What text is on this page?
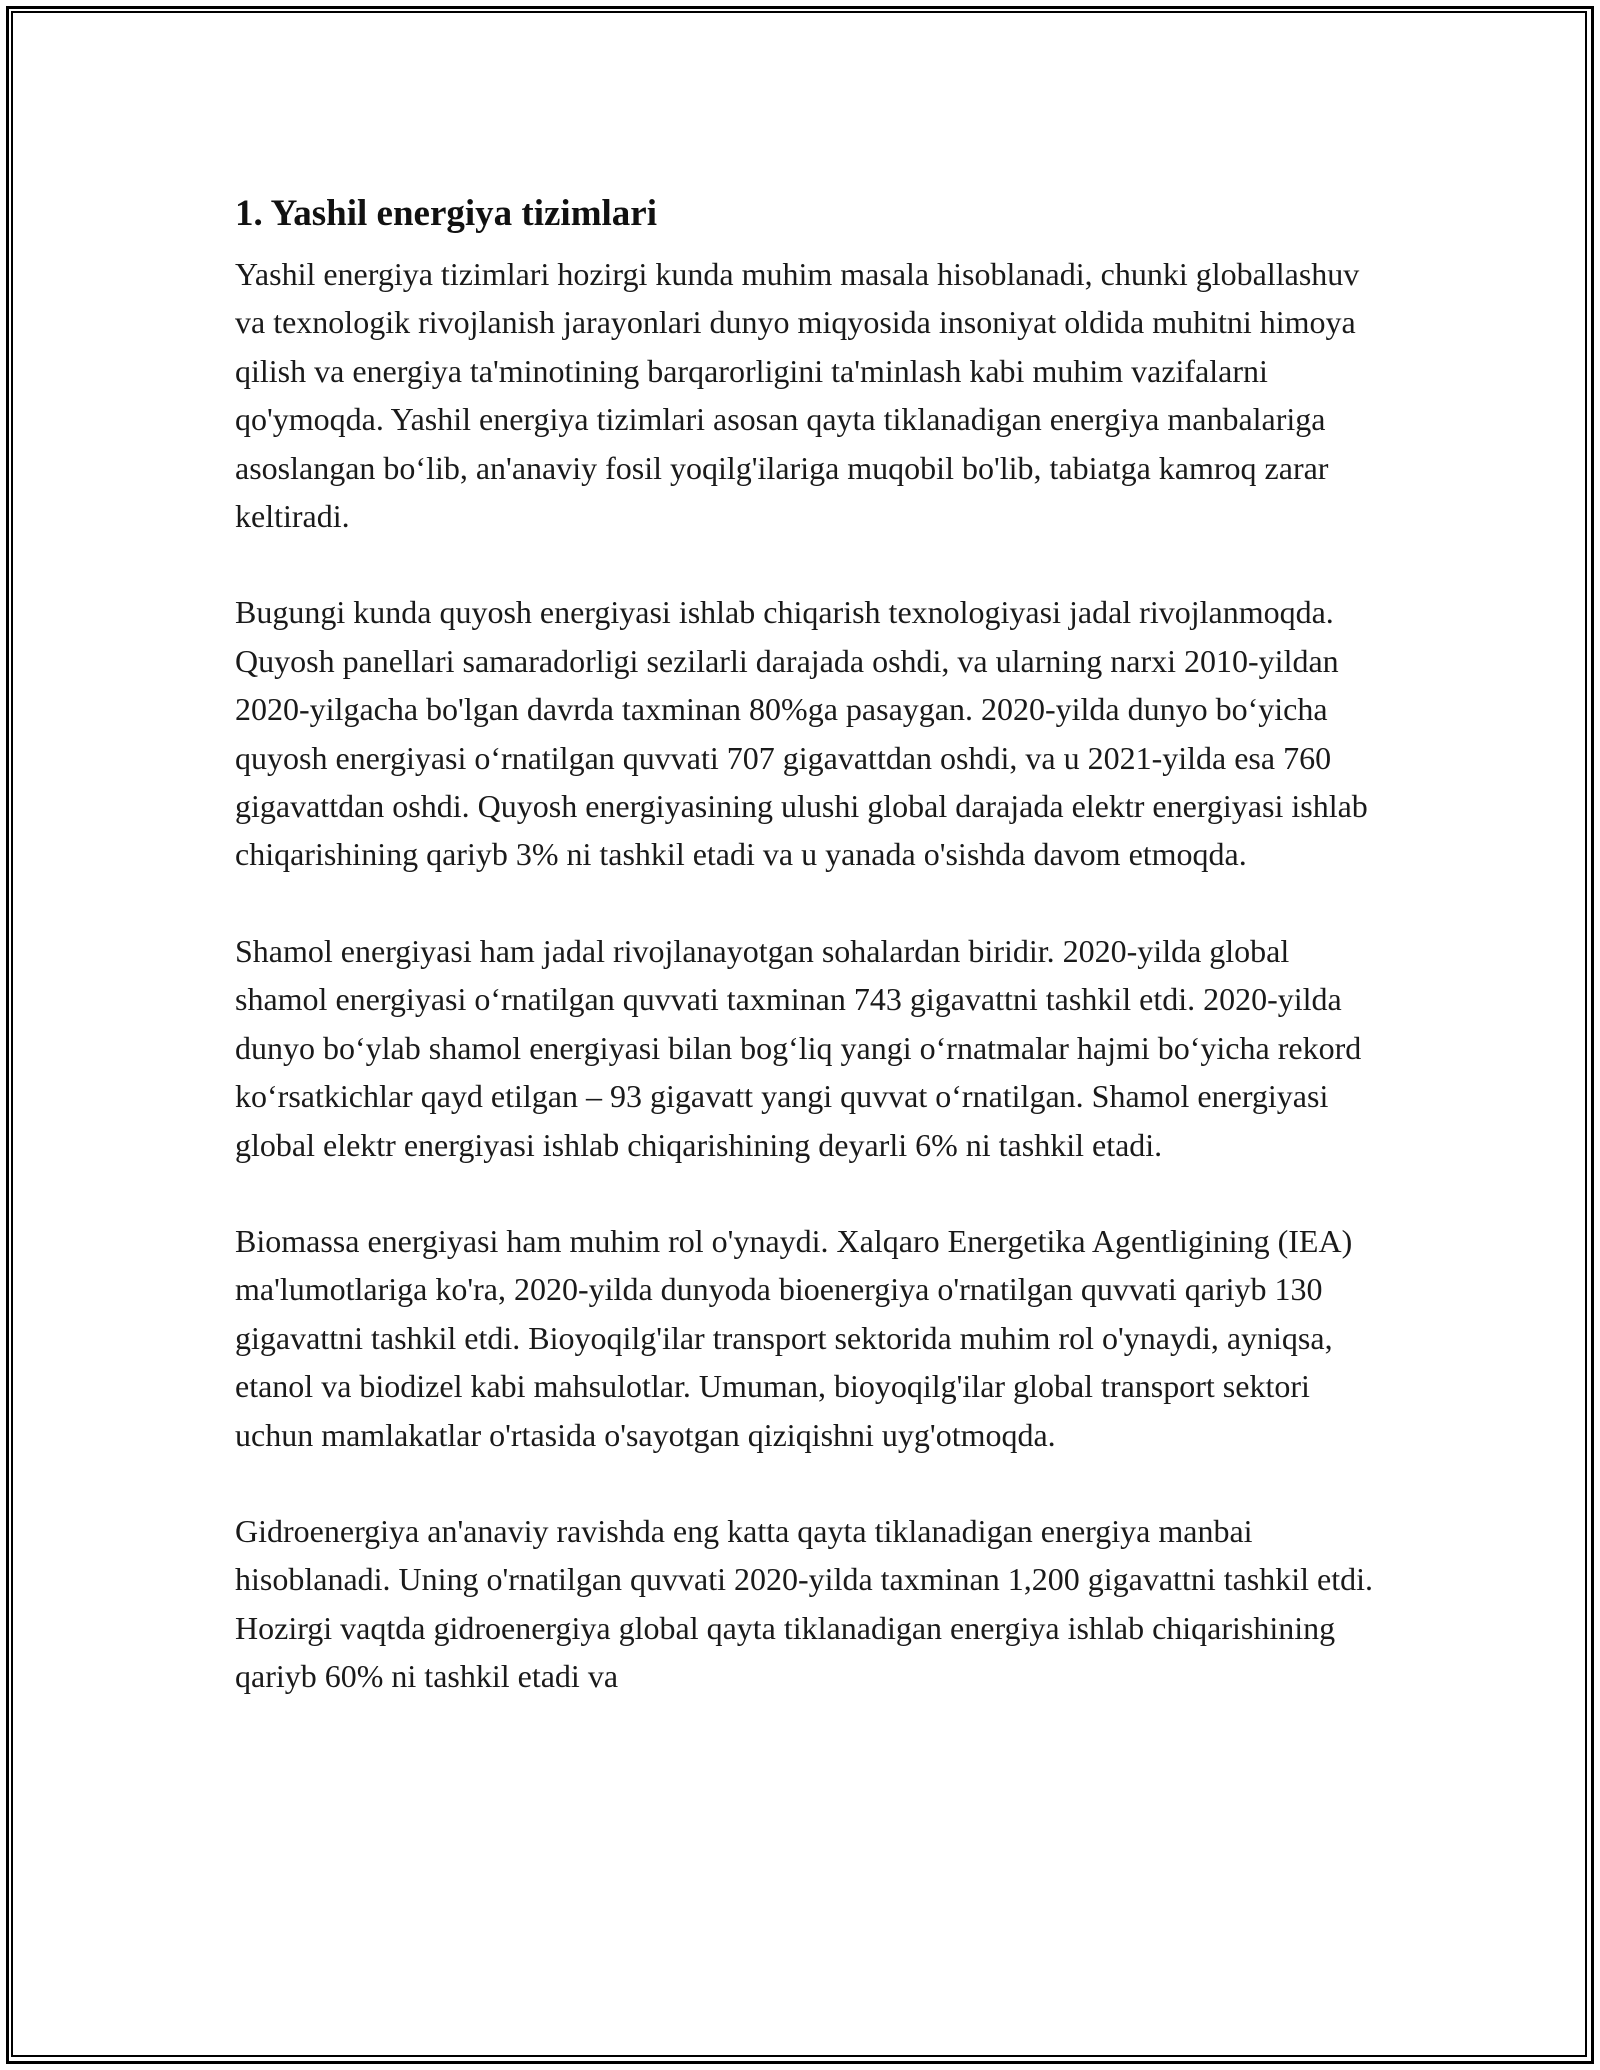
1. Yashil energiya tizimlari

Yashil energiya tizimlari hozirgi kunda muhim masala hisoblanadi, chunki globallashuv va texnologik rivojlanish jarayonlari dunyo miqyosida insoniyat oldida muhitni himoya qilish va energiya ta'minotining barqarorligini ta'minlash kabi muhim vazifalarni qo'ymoqda. Yashil energiya tizimlari asosan qayta tiklanadigan energiya manbalariga asoslangan boʻlib, an'anaviy fosil yoqilg'ilariga muqobil bo'lib, tabiatga kamroq zarar keltiradi.

Bugungi kunda quyosh energiyasi ishlab chiqarish texnologiyasi jadal rivojlanmoqda. Quyosh panellari samaradorligi sezilarli darajada oshdi, va ularning narxi 2010-yildan 2020-yilgacha bo'lgan davrda taxminan 80%ga pasaygan. 2020-yilda dunyo boʻyicha quyosh energiyasi oʻrnatilgan quvvati 707 gigavattdan oshdi, va u 2021-yilda esa 760 gigavattdan oshdi. Quyosh energiyasining ulushi global darajada elektr energiyasi ishlab chiqarishining qariyb 3% ni tashkil etadi va u yanada o'sishda davom etmoqda.

Shamol energiyasi ham jadal rivojlanayotgan sohalardan biridir. 2020-yilda global shamol energiyasi oʻrnatilgan quvvati taxminan 743 gigavattni tashkil etdi. 2020-yilda dunyo boʻylab shamol energiyasi bilan bogʻliq yangi oʻrnatmalar hajmi boʻyicha rekord koʻrsatkichlar qayd etilgan – 93 gigavatt yangi quvvat oʻrnatilgan. Shamol energiyasi global elektr energiyasi ishlab chiqarishining deyarli 6% ni tashkil etadi.

Biomassa energiyasi ham muhim rol o'ynaydi. Xalqaro Energetika Agentligining (IEA) ma'lumotlariga ko'ra, 2020-yilda dunyoda bioenergiya o'rnatilgan quvvati qariyb 130 gigavattni tashkil etdi. Bioyoqilg'ilar transport sektorida muhim rol o'ynaydi, ayniqsa, etanol va biodizel kabi mahsulotlar. Umuman, bioyoqilg'ilar global transport sektori uchun mamlakatlar o'rtasida o'sayotgan qiziqishni uyg'otmoqda.

Gidroenergiya an'anaviy ravishda eng katta qayta tiklanadigan energiya manbai hisoblanadi. Uning o'rnatilgan quvvati 2020-yilda taxminan 1,200 gigavattni tashkil etdi. Hozirgi vaqtda gidroenergiya global qayta tiklanadigan energiya ishlab chiqarishining qariyb 60% ni tashkil etadi va
